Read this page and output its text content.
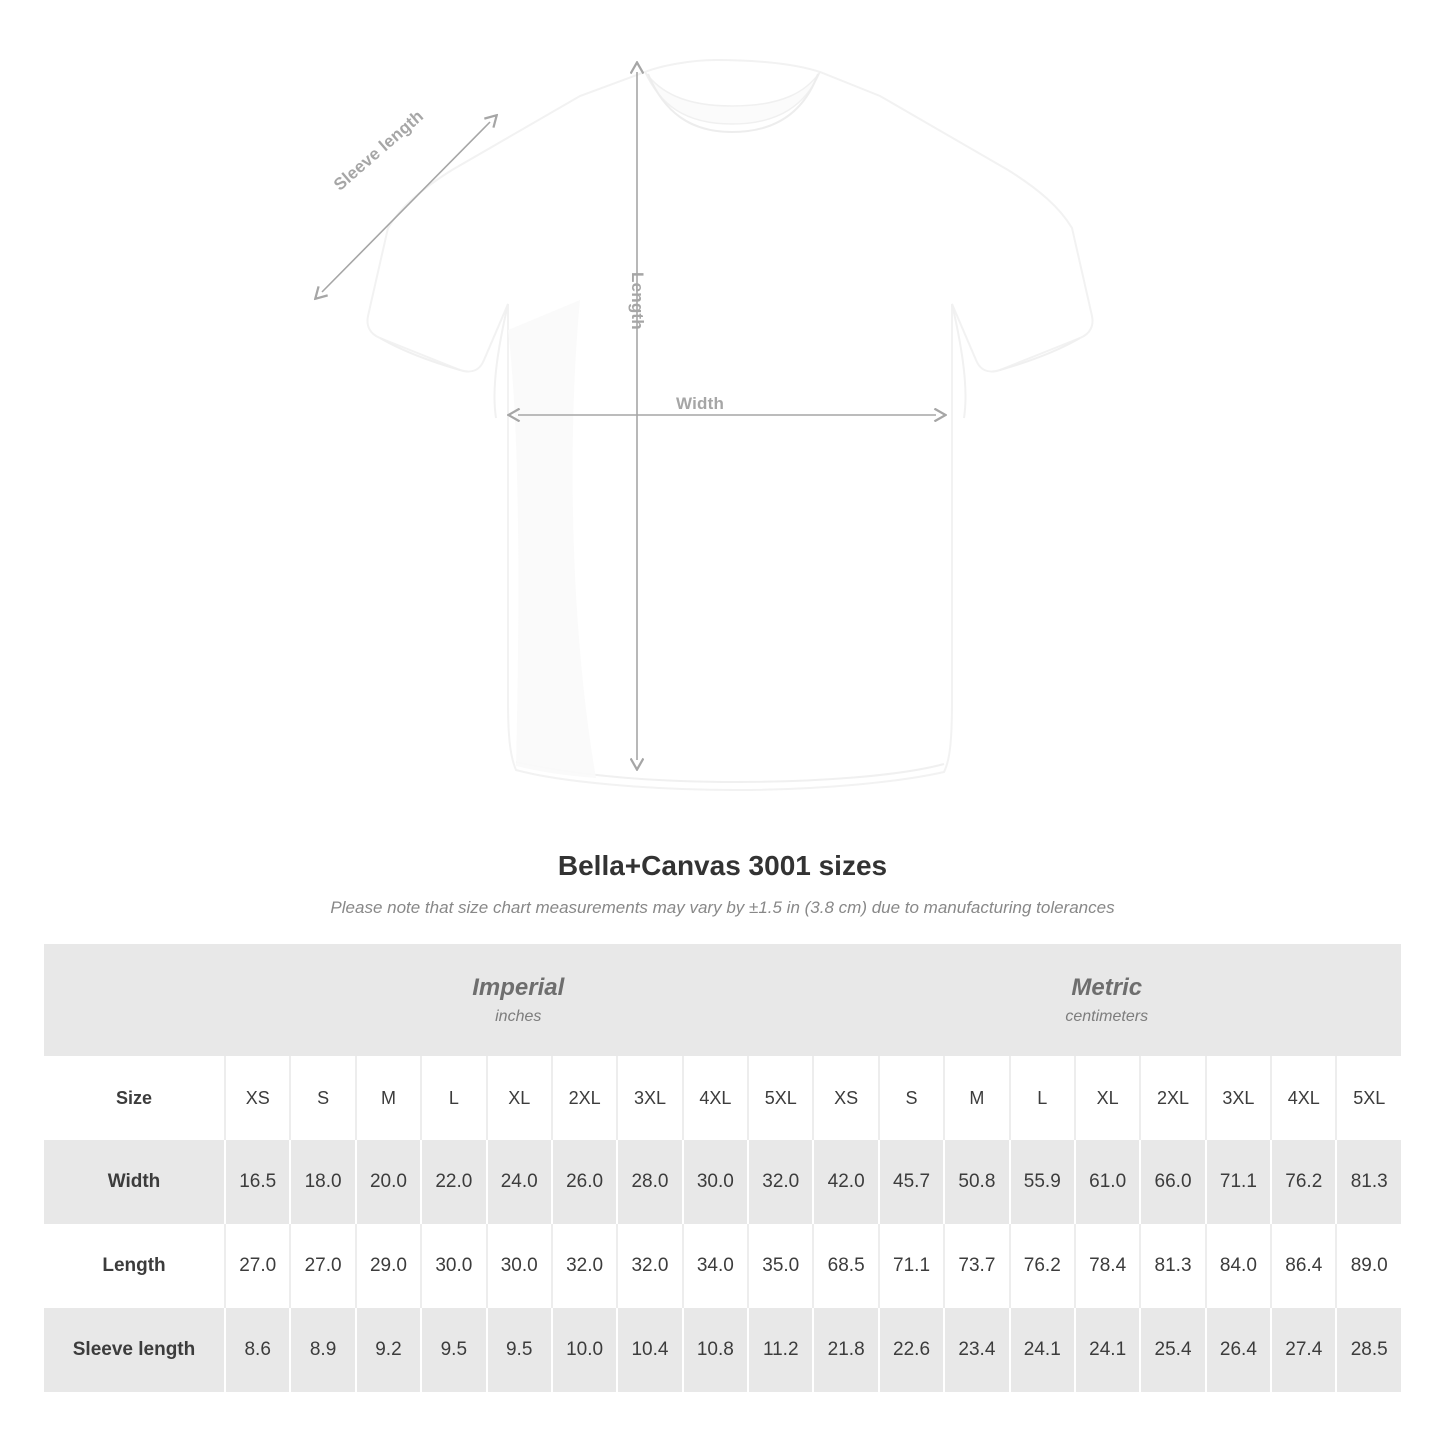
Sleeve length
Length
Width
Bella+Canvas 3001 sizes

Please note that size chart measurements may vary by ±1.5 in (3.8 cm) due to manufacturing tolerances

Imperial
inches

Metric
centimeters

Size	XS	S	M	L	XL	2XL	3XL	4XL	5XL	XS	S	M	L	XL	2XL	3XL	4XL	5XL

Width	16.5	18.0	20.0	22.0	24.0	26.0	28.0	30.0	32.0	42.0	45.7	50.8	55.9	61.0	66.0	71.1	76.2	81.3

Length	27.0	27.0	29.0	30.0	30.0	32.0	32.0	34.0	35.0	68.5	71.1	73.7	76.2	78.4	81.3	84.0	86.4	89.0

Sleeve length	8.6	8.9	9.2	9.5	9.5	10.0	10.4	10.8	11.2	21.8	22.6	23.4	24.1	24.1	25.4	26.4	27.4	28.5
